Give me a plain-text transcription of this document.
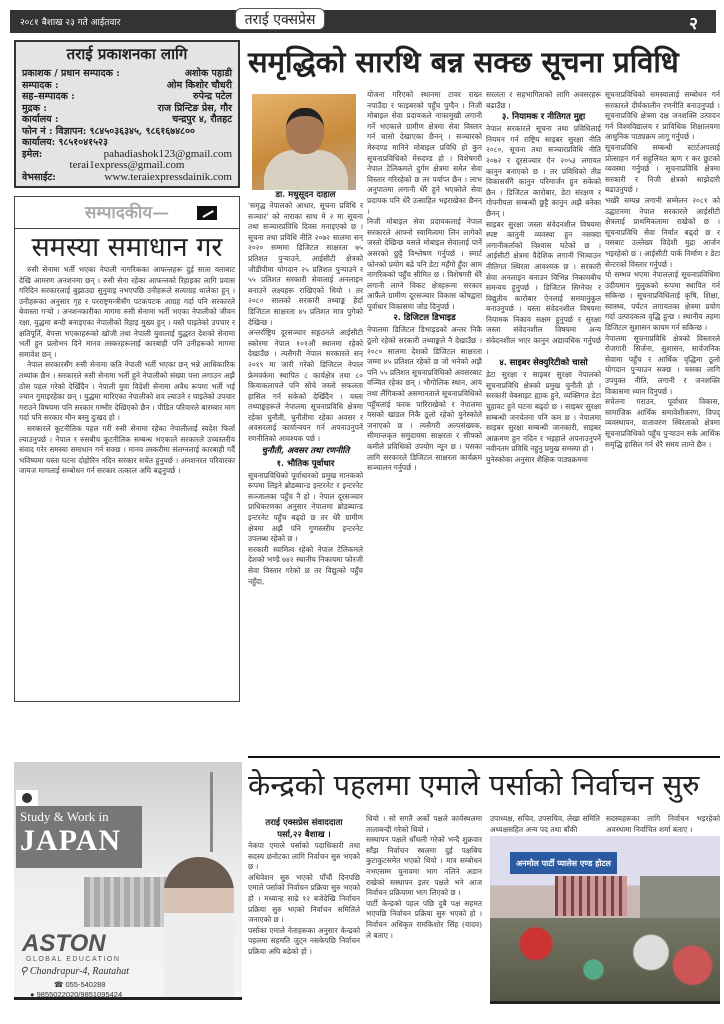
२०८१ बैशाख २३ गते आईतवार	तराई एक्सप्रेस	२
तराई प्रकाशनका लागि
प्रकाशक / प्रधान सम्पादक :	अशोक पहाडी
सम्पादक :	ओम किशोर चौधरी
सह–सम्पादक :	रुपेन्द्र पटेल
मुद्रक :	राज प्रिन्टिङ प्रेस, गौर
कार्यालय :	चन्द्रपुर ४, रौतहट
फोन नं : विज्ञापन: ९८४५०३६३४५, ९८६१६७४८००
कार्यालय: ९८५१०४१५२३
इमेल:	pahadiashok123@gmail.com
terai1express@gmail.com
वेभसाईट:	www.teraiexpressdainik.com
सम्पादकीय—
समस्या समाधान गर

रुसी सेनामा भर्ती भएका नेपाली नागरिकका आफन्तहरू दुई साता यताबाट देखि आमरण अनशनमा छन् । रुसी सेना रहेका आफन्तको रिहाइका लागि प्रयास गरिदिन सरकारलाई बुझाउदा सुनुवाइ नभएपछि उनीहरूले सत्याग्रह थालेका हुन् । उनीहरूका अनुसार गृह र परराष्ट्रमन्त्रीसँग पटकपटक आग्रह गर्दा पनि सरकारले बेवास्ता गऱ्यो । अनशनकारीका मागमा रुसी सेनामा भर्ती भएका नेपालीको जीवन रक्षा, युद्धमा बन्दी बनाइएका नेपालीको रिहाइ मुख्य हुन् । यस्तै घाइतेको उपचार र क्षतिपूर्ति, बेपत्ता भएकाहरूको खोजी तथा नेपाली युवालाई युद्धरत देशको सेनामा भर्ती हुन प्रलोभन दिने मानव तस्करहरूलाई कारबाही पनि उनीहरूको मागमा समावेश छन् ।

नेपाल सरकारसँग रुसी सेनामा कति नेपाली भर्ती भएका छन् भन्ने आधिकारिक तथ्यांक छैन । सरकारले रुसी सेनामा भर्ती हुने नेपालीको संख्या पत्ता लगाउन अझै ठोस पहल गरेको देखिँदैन । नेपाली युवा विदेशी सेनामा अवैध रूपमा भर्ती भई ज्यान गुमाइरहेका छन् । युद्धमा मारिएका नेपालीको शव ल्याउने र घाइतेको उपचार गराउने विषयमा पनि सरकार गम्भीर देखिएको छैन । पीडित परिवारले बारम्बार माग गर्दा पनि सरकार मौन बस्नु दुःखद हो ।

सरकारले कूटनीतिक पहल गरी रुसी सेनामा रहेका नेपालीलाई स्वदेश फिर्ता ल्याउनुपर्छ । नेपाल र रुसबीच कूटनीतिक सम्बन्ध भएकाले सरकारले उच्चस्तरीय संवाद गरेर समस्या समाधान गर्न सक्छ । मानव तस्करीमा संलग्नलाई कारबाही गर्दै भविष्यमा यस्ता घटना दोहोरिन नदिन सरकार सचेत हुनुपर्छ । अनशनरत परिवारका जायज मागलाई सम्बोधन गर्न सरकार तत्काल अघि बढ्नुपर्छ ।

समृद्धिको सारथि बन्न सक्छ सूचना प्रविधि
डा. मधुसूदन दाहाल

'समृद्ध नेपालको आधार, सूचना प्रविधि र सञ्चार' को नाराका साथ मे २ मा सूचना तथा सञ्चारप्रविधि दिवस मनाइएको छ । सूचना तथा प्रविधि नीति २०७२ सालमा सन् २०२० सम्ममा डिजिटल साक्षरता ७५ प्रतिशत पुऱ्याउने, आईसीटी क्षेत्रको जीडीपीमा योगदान २५ प्रतिशत पुऱ्याउने र ५५ प्रतिशत सरकारी सेवालाई अनलाइन बनाउने लक्ष्यहरू राखिएको थियो । तर २०८० सालको सरकारी तथ्याङ्क हेर्दा डिजिटल साक्षरता ४५ प्रतिशत मात्र पुगेको देखिन्छ ।

अन्तर्राष्ट्रिय दूरसञ्चार सङ्गठनले आईसीटी स्कोरमा नेपाल १०१औं स्थानमा रहेको देखाउँछ । त्यसैगरी नेपाल सरकारले सन् २०१९ मा जारी गरेको डिजिटल नेपाल फ्रेमवर्कमा स्थापित ८ कार्यक्षेत्र तथा ८० कियाकलापले पनि सोचे जस्तो सफलता हासिल गर्न सकेको देखिँदैन । यस्ता तथ्याङ्कहरूले नेपालमा सूचनाप्रविधि क्षेत्रमा रहेका चुनौती, चुनौतीमा रहेका अवसर र अवसरलाई कार्यान्वयन गर्न अपनाउनुपर्ने रणनीतिको आवश्यक पर्छ ।

चुनौती, अवसर तथा रणनीति
१. भौतिक पूर्वाधार

सूचनाप्रविधिको पूर्वाधारको प्रमुख मानकको रूपमा लिइने ब्रोडब्यान्ड इन्टरनेट र इन्टरनेट सञ्जालका पहुँच नै हो । नेपाल दूरसञ्चार प्राधिकरणका अनुसार नेपालमा ब्रोडब्यान्ड इन्टरनेट पहुँच बढ्दो छ तर धेरै ग्रामीण क्षेत्रमा अझै पनि गुणस्तरीय इन्टरनेट उपलब्ध रहेको छ ।

सरकारी स्वामित्व रहेको नेपाल टेलिकमले देशको भण्डै ७४२ स्थानीय निकायमा फोरजी सेवा विस्तार गरेको छ तर विद्युत्को पहुँच नहुँदा,

योजना गरिएको स्थानमा टावर राख्न नपाउँदा र फाइबरको पहुँच पुग्दैन । निजी मोबाइल सेवा प्रदायकले नाफामुखी लगानी गर्ने भएकाले ग्रामीण क्षेत्रमा सेवा विस्तार गर्न चासो देखाएका छैनन् । सञ्चारको मेरुदण्ड मानिने मोबाइल प्रविधि हो कुन सूचनाप्रविधिको मेरुदण्ड हो । विशेषगरी नेपाल टेलिकमले दुर्गम क्षेत्रमा समेत सेवा विस्तार गरिरहेको छ तर पर्याप्त छैन । लाभ अनुपातमा लगानी धेरै हुने भएकोले सेवा प्रदायक पनि धेरै उत्साहित भइराखेका छैनन् ।

निजी मोबाइल सेवा प्रदायकलाई नेपाल सरकारले आफ्नो स्वामित्वमा लिन लागेको जस्तो देखिन्छ यसले मोबाइल सेवालाई पार्ने असरको छुट्टै विश्लेषण गर्नुपर्छ । स्मार्ट फोनको प्रयोग बढे पनि डेटा महँगो हुँदा आम नागरिकको पहुँच सीमित छ । विशेषगरी धेरै लगानी लाग्ने विकट क्षेत्रहरूमा सरकार आफैंले ग्रामीण दूरसञ्चार विकास कोषद्वारा पूर्वाधार विकासमा जोड दिनुपर्छ ।

२. डिजिटल डिभाइड

नेपालमा डिजिटल डिभाइडको अन्तर निकै ठूलो रहेको सरकारी तथ्याङ्कले नै देखाउँछ । २०८० सालमा देशको डिजिटल साक्षरता जम्मा ४५ प्रतिशत रहेको छ जो भनेको अझै पनि ५५ प्रतिशत सूचनाप्रविधिको अवसरबाट वञ्चित रहेका छन् । भौगोलिक स्थान, आय तथा लैंगिकको असमानताले सूचनाप्रविधिको पहुँचलाई फरक पारिराखेको र नेपालमा यसको खाडल निकै ठूलो रहेको युनेस्कोले जनाएको छ । त्यसैगरी अल्पसंख्यक, सीमान्तकृत समुदायमा साक्षरता र सीपको कमीले प्रविधिको उपयोग न्यून छ । यसका लागि सरकारले डिजिटल साक्षरता कार्यक्रम सञ्चालन गर्नुपर्छ ।

सरलता र सहभागिताको लागि अवसरहरू बढाउँछ ।

३. नियामक र नीतिगत मुद्दा

नेपाल सरकारले सूचना तथा प्रविधिलाई नियमन गर्न राष्ट्रिय साइबर सुरक्षा नीति २०८०, सूचना तथा सञ्चारप्रविधि नीति २०७२ र दूरसञ्चार ऐन २०५३ लगायत कानुन बनाएको छ । तर प्रविधिको तीव्र विकाससँगै कानुन परिमार्जन हुन सकेको छैन । डिजिटल कारोबार, डेटा संरक्षण र गोपनीयता सम्बन्धी छुट्टै कानुन अझै बनेका छैनन् ।

साइबर सुरक्षा जस्ता संवेदनशील विषयमा स्पष्ट कानुनी व्यवस्था हुन नसक्दा लगानीकर्ताको विश्वास घटेको छ । आईसीटी क्षेत्रमा वैदेशिक लगानी भित्र्याउन नीतिगत स्थिरता आवश्यक छ । सरकारी सेवा अनलाइन बनाउन विभिन्न निकायबीच समन्वय हुनुपर्छ । डिजिटल सिग्नेचर र विद्युतीय कारोबार ऐनलाई समयानुकूल बनाउनुपर्छ । यस्ता संवेदनशील विषयमा नियामक निकाय सक्षम हुनुपर्छ र सुरक्षा जस्ता संवेदनशील विषयमा अन्य संवेदनशील भएर कानुन अद्यावधिक गर्नुपर्छ ।

४. साइबर सेक्युरिटीको चासो

डेटा सुरक्षा र साइबर सुरक्षा नेपालको सूचनाप्रविधि क्षेत्रको प्रमुख चुनौती हो । सरकारी वेबसाइट ह्याक हुने, व्यक्तिगत डेटा चुहावट हुने घटना बढ्दो छ । साइबर सुरक्षा सम्बन्धी जनचेतना पनि कम छ । नेपालमा साइबर सुरक्षा सम्बन्धी जानकारी, साइबर आक्रमण हुन नदिन र भइहाले अपनाउनुपर्ने नवीनतम प्रविधि नहुनु प्रमुख समस्या हो ।

युनेस्कोका अनुसार शैक्षिक पाठ्यक्रममा

सूचनाप्रविधिको समस्यालाई सम्बोधन गर्न सरकारले दीर्घकालीन रणनीति बनाउनुपर्छ । सूचनाप्रविधि क्षेत्रमा दक्ष जनशक्ति उत्पादन गर्न विश्वविद्यालय र प्राविधिक शिक्षालयमा आधुनिक पाठ्यक्रम लागू गर्नुपर्छ ।

सूचनाप्रविधि सम्बन्धी स्टार्टअपलाई प्रोत्साहन गर्न सहुलियत ऋण र कर छुटको व्यवस्था गर्नुपर्छ । सूचनाप्रविधि क्षेत्रमा सरकारी र निजी क्षेत्रको साझेदारी बढाउनुपर्छ ।

भर्खरै सम्पन्न लगानी सम्मेलन २०८१ को उद्घाटनमा नेपाल सरकारले आईसीटी क्षेत्रलाई प्राथमिकतामा राखेको छ । सूचनाप्रविधि सेवा निर्यात बढ्दो छ र यसबाट उल्लेख्य विदेशी मुद्रा आर्जन भइरहेको छ । आईसीटी पार्क निर्माण र डेटा सेन्टरको विस्तार गर्नुपर्छ ।

यो सम्भव भएमा नेपाललाई सूचनाप्रविधिमा उदीयमान मुलुकको रूपमा स्थापित गर्न सकिन्छ । सूचनाप्रविधिलाई कृषि, शिक्षा, स्वास्थ्य, पर्यटन लगायतका क्षेत्रमा प्रयोग गर्दा उत्पादकत्व वृद्धि हुन्छ । स्थानीय तहमा डिजिटल सुशासन कायम गर्न सकिन्छ ।

नेपालमा सूचनाप्रविधि क्षेत्रको विस्तारले रोजगारी सिर्जना, सुशासन, सार्वजनिक सेवामा पहुँच र आर्थिक वृद्धिमा ठूलो योगदान पुऱ्याउन सक्छ । यसका लागि उपयुक्त नीति, लगानी र जनशक्ति विकासमा ध्यान दिनुपर्छ ।

सचेतना गराउन, पूर्वाधार विकास, सामाजिक आर्थिक समावेशीकरण, विपद् व्यवस्थापन, वातावरण स्थिरताको क्षेत्रमा सूचनाप्रविधिको पहुँच पुऱ्याउन सके आर्थिक समृद्धि हासिल गर्न धेरै समय लाग्ने छैन ।

केन्द्रको पहलमा एमाले पर्साको निर्वाचन सुरु
तराई एक्सप्रेस संवाददाता
पर्सा,२२ बैशाख ।

नेकपा एमाले पर्साको पदाधिकारी तथा सदस्य छनोटका लागि निर्वाचन सुरु भएको छ ।

अधिवेशन सुरु भएको पाँचौं दिनपछि एमाले पर्साको निर्वाचन प्रक्रिया सुरु भएको हो । मध्यान्ह साढे १२ बजेदेखि निर्वाचन प्रक्रिया सुरु भएको निर्वाचन समितिले जनाएको छ ।

पर्साका एमाले नेताहरूका अनुसार केन्द्रको पहलमा सहमति जुट्न नसकेपछि निर्वाचन प्रक्रिया अघि बढेको हो ।

थियो । सो सगतै अर्को पक्षले कार्यस्थलमा तालाबन्दी गरेको थियो ।

सस्थापन पक्षले धाँधली गरेको भन्दै शुक्रवार साँझ निर्वाचन स्थलमा दुई पक्षबिच कुटाकुटसमेत भएको थियो । मात्र सम्बोधन नभएसम्म चुनावमा भाग नलिने अडान राखेको सस्थापन इतर पक्षले भने आज निर्वाचन प्रक्रियामा भाग लिएको छ ।

पार्टी केन्द्रको पहल पछि दुबै पक्ष सहमत भएपछि निर्वाचन प्रक्रिया सुरु भएको हो । निर्वाचन अधिकृत रामकिशोर सिंह (यादव) ले बताए ।

उपाध्यक्ष, सचिव, उपसचिव, लेखा समिति अध्यक्षसहित अन्य पद तथा बाँकी

सदस्यहरूका लागि निर्वाचन भइरहेको अवस्थामा निर्वाचित शर्मा बताए ।

अनमोल पार्टी प्यालेस एण्ड होटल
Study & Work in
JAPAN
ASTON
GLOBAL EDUCATION
⚲ Chandrapur-4, Rautahat
☎ 055-540288
● 9855022020/9851095424
